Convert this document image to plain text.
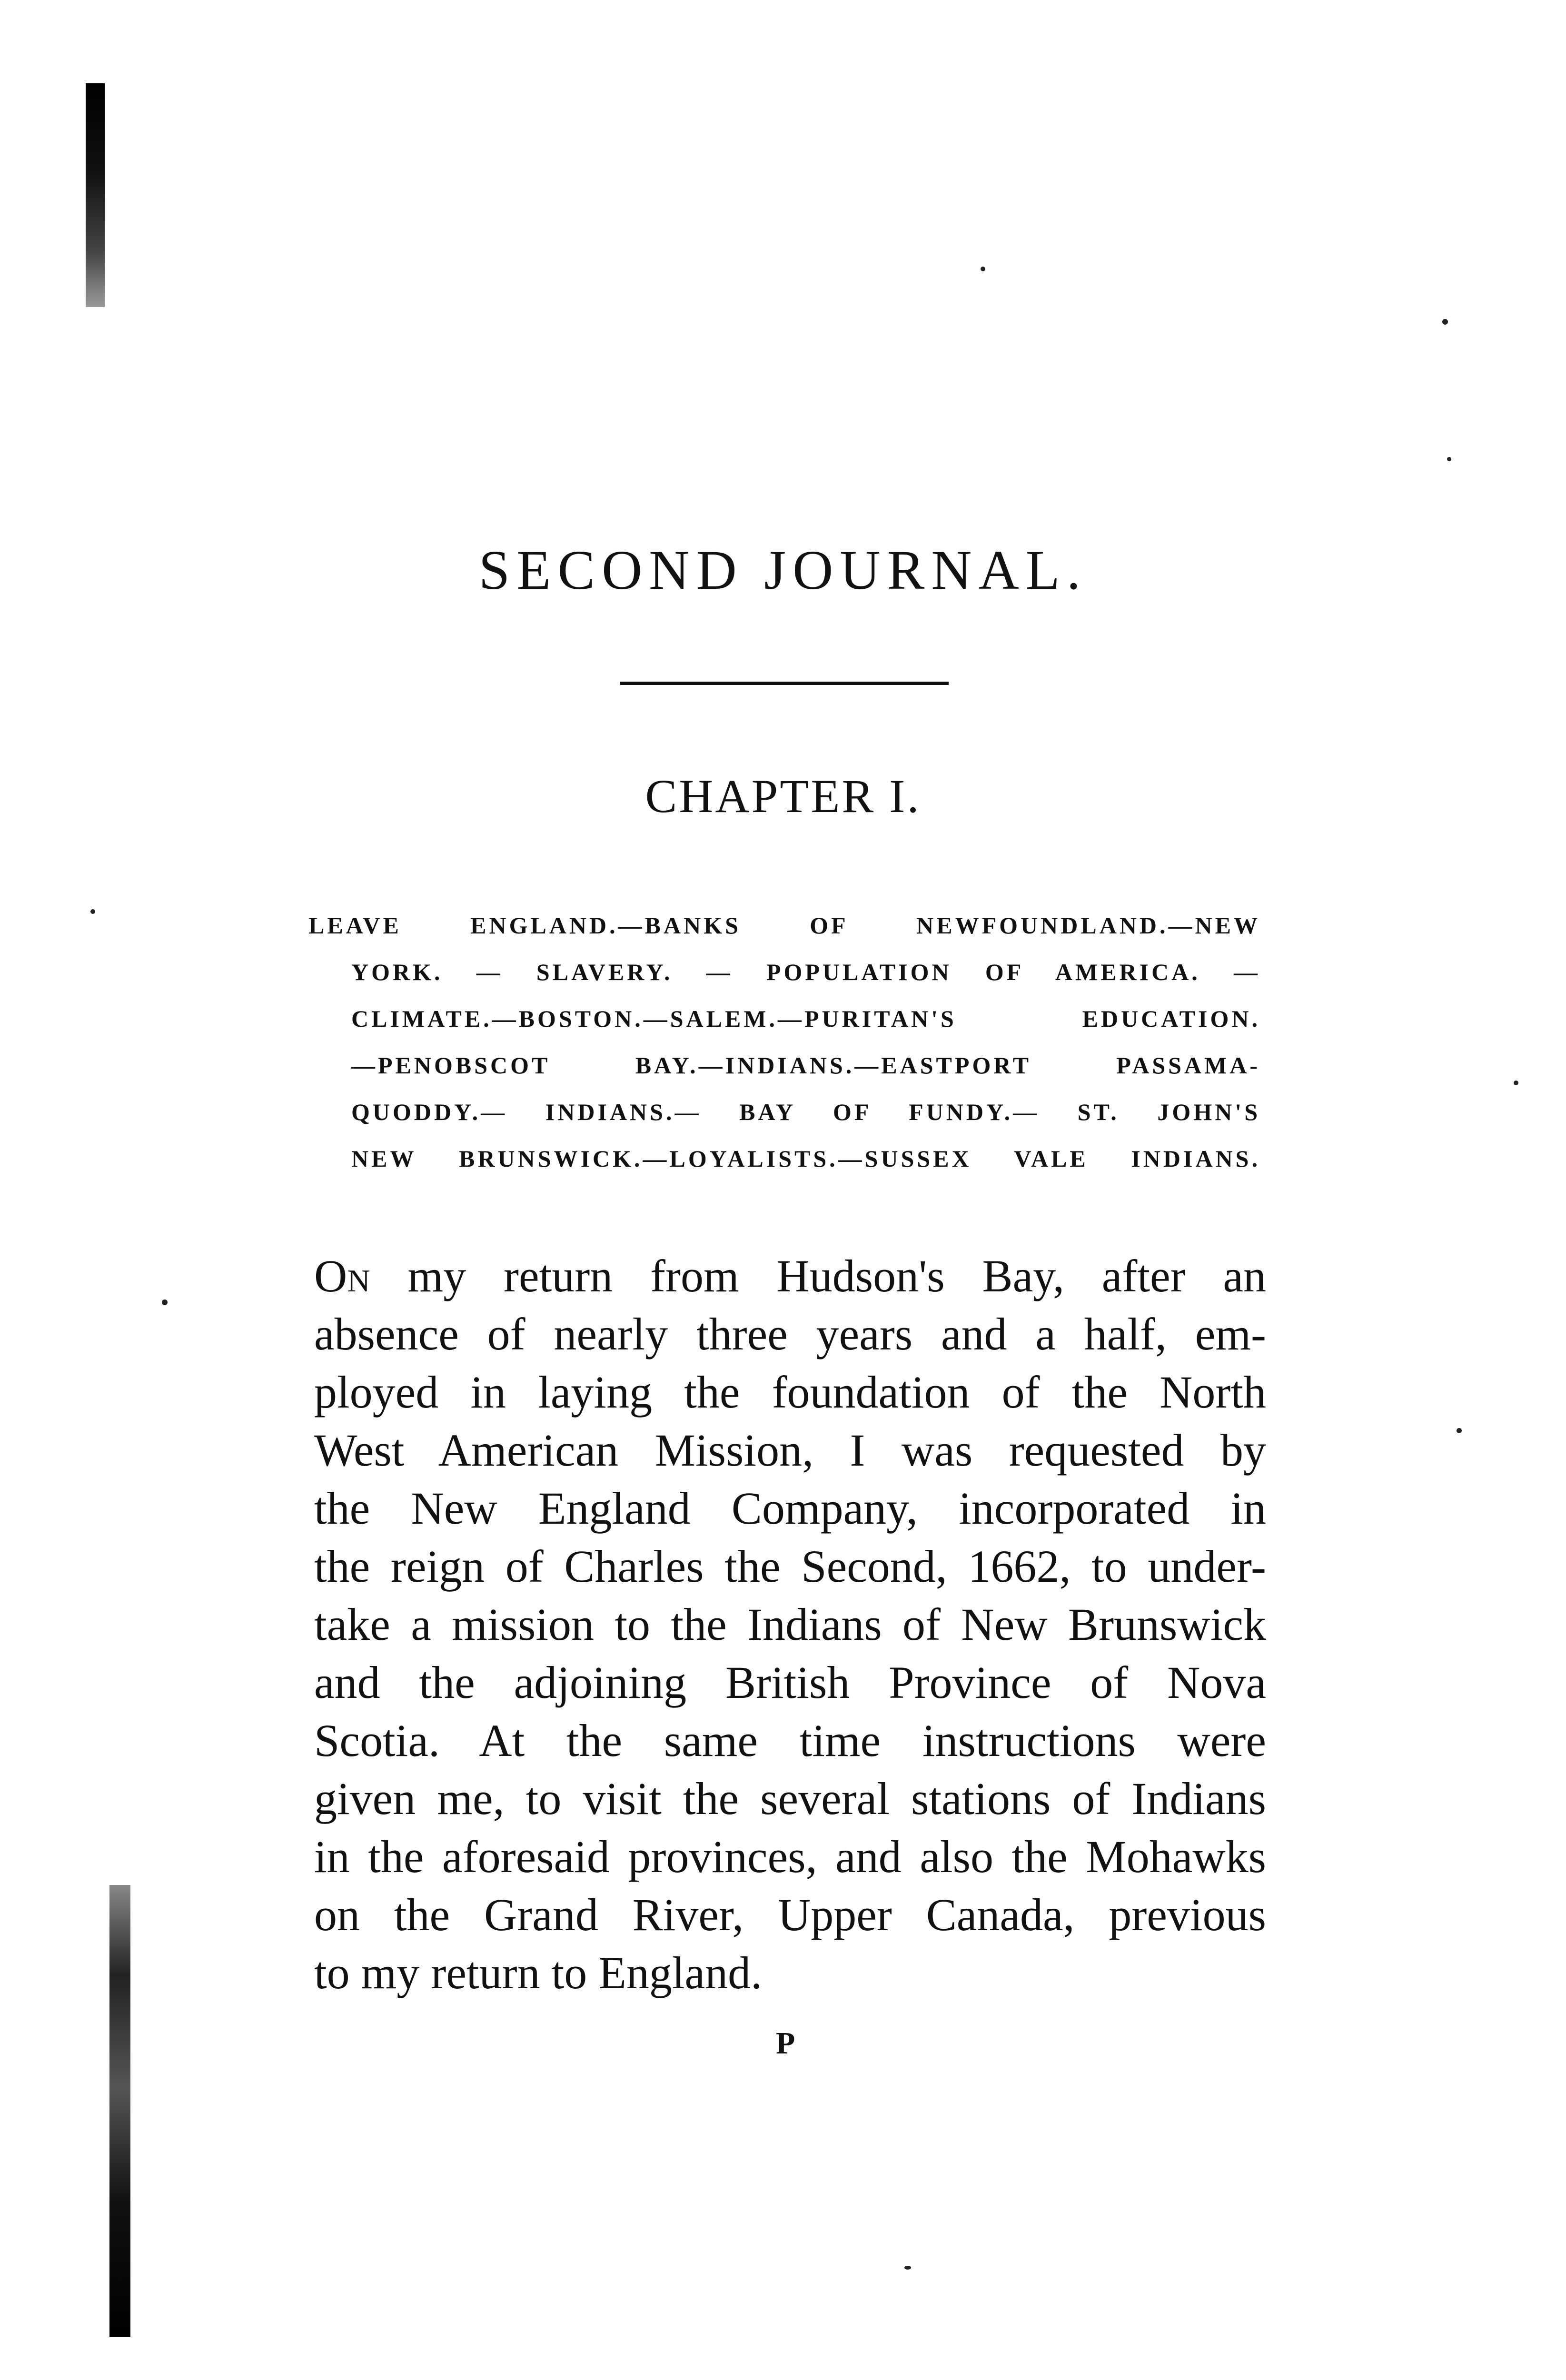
SECOND JOURNAL.
CHAPTER I.
LEAVE ENGLAND.—BANKS OF NEWFOUNDLAND.—NEW
YORK. — SLAVERY. — POPULATION OF AMERICA. —
CLIMATE.—BOSTON.—SALEM.—PURITAN'S EDUCATION.
—PENOBSCOT BAY.—INDIANS.—EASTPORT PASSAMA-
QUODDY.— INDIANS.— BAY OF FUNDY.— ST. JOHN'S
NEW BRUNSWICK.—LOYALISTS.—SUSSEX VALE INDIANS.
On my return from Hudson's Bay, after an
absence of nearly three years and a half, em-
ployed in laying the foundation of the North
West American Mission, I was requested by
the New England Company, incorporated in
the reign of Charles the Second, 1662, to under-
take a mission to the Indians of New Brunswick
and the adjoining British Province of Nova
Scotia. At the same time instructions were
given me, to visit the several stations of Indians
in the aforesaid provinces, and also the Mohawks
on the Grand River, Upper Canada, previous
to my return to England.
P
